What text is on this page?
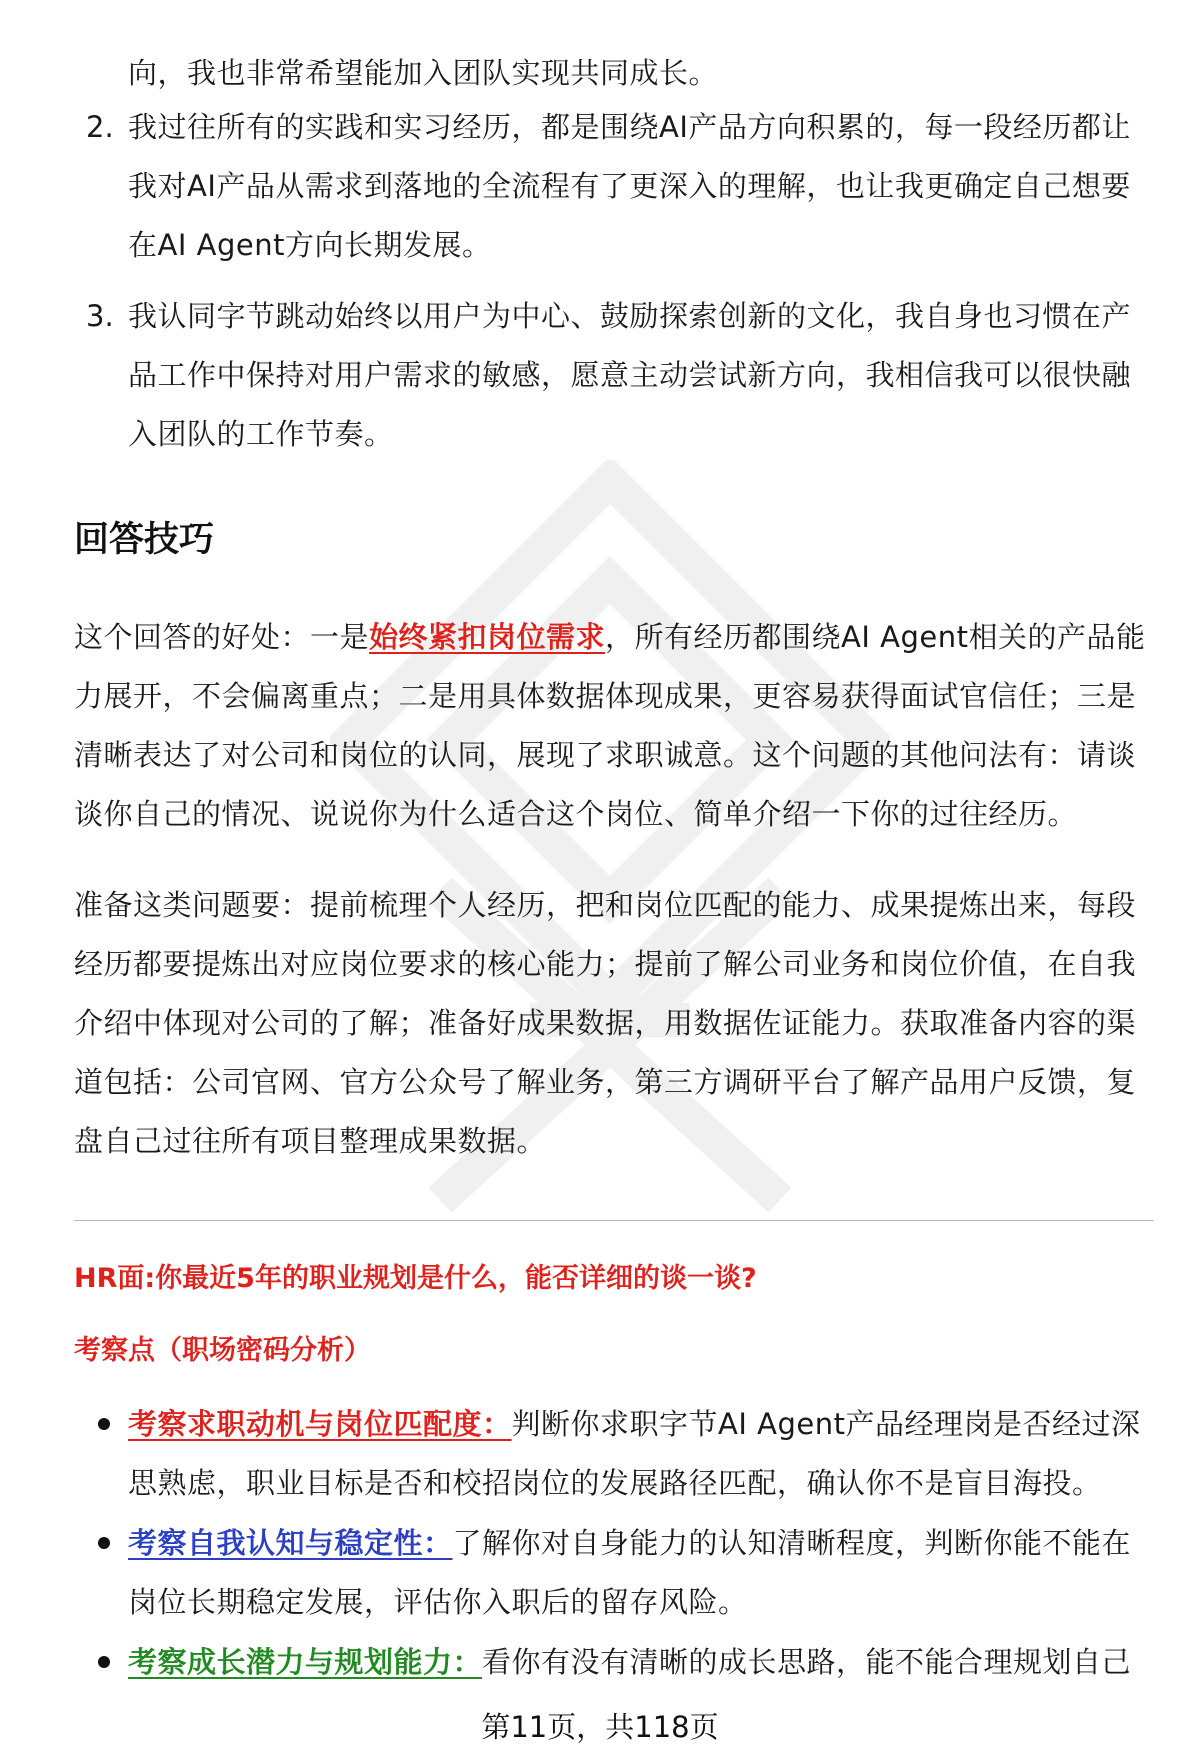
向，我也非常希望能加入团队实现共同成长。
2. 我过往所有的实践和实习经历，都是围绕AI产品方向积累的，每一段经历都让我对AI产品从需求到落地的全流程有了更深入的理解，也让我更确定自己想要在AI Agent方向长期发展。
3. 我认同字节跳动始终以用户为中心、鼓励探索创新的文化，我自身也习惯在产品工作中保持对用户需求的敏感，愿意主动尝试新方向，我相信我可以很快融入团队的工作节奏。
回答技巧
这个回答的好处：一是始终紧扣岗位需求，所有经历都围绕AI Agent相关的产品能力展开，不会偏离重点；二是用具体数据体现成果，更容易获得面试官信任；三是清晰表达了对公司和岗位的认同，展现了求职诚意。这个问题的其他问法有：请谈谈你自己的情况、说说你为什么适合这个岗位、简单介绍一下你的过往经历。
准备这类问题要：提前梳理个人经历，把和岗位匹配的能力、成果提炼出来，每段经历都要提炼出对应岗位要求的核心能力；提前了解公司业务和岗位价值，在自我介绍中体现对公司的了解；准备好成果数据，用数据佐证能力。获取准备内容的渠道包括：公司官网、官方公众号了解业务，第三方调研平台了解产品用户反馈，复盘自己过往所有项目整理成果数据。
HR面:你最近5年的职业规划是什么，能否详细的谈一谈?
考察点（职场密码分析）
考察求职动机与岗位匹配度：判断你求职字节AI Agent产品经理岗是否经过深思熟虑，职业目标是否和校招岗位的发展路径匹配，确认你不是盲目海投。
考察自我认知与稳定性：了解你对自身能力的认知清晰程度，判断你能不能在岗位长期稳定发展，评估你入职后的留存风险。
考察成长潜力与规划能力：看你有没有清晰的成长思路，能不能合理规划自己
第11页，共118页
